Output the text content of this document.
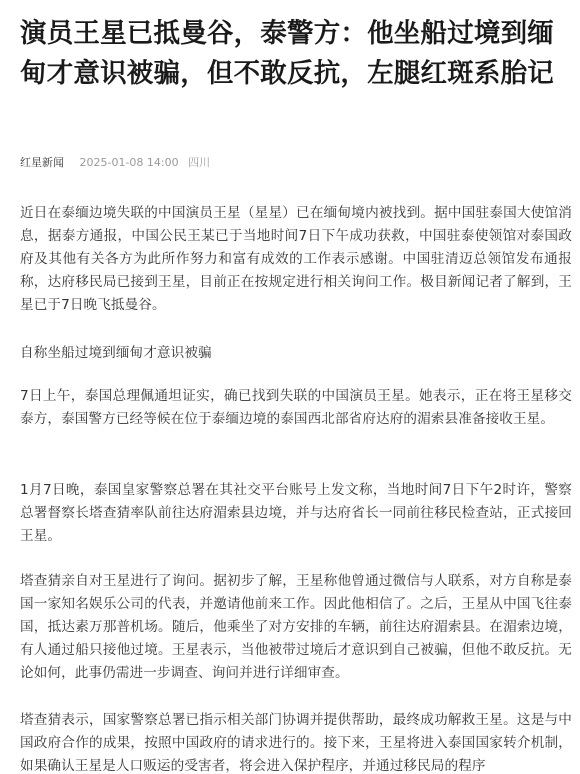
演员王星已抵曼谷，泰警方：他坐船过境到缅甸才意识被骗，但不敢反抗，左腿红斑系胎记
红星新闻 2025-01-08 14:00 四川

近日在泰缅边境失联的中国演员王星（星星）已在缅甸境内被找到。据中国驻泰国大使馆消息，据泰方通报，中国公民王某已于当地时间7日下午成功获救，中国驻泰使领馆对泰国政府及其他有关各方为此所作努力和富有成效的工作表示感谢。中国驻清迈总领馆发布通报称，达府移民局已接到王星，目前正在按规定进行相关询问工作。极目新闻记者了解到，王星已于7日晚飞抵曼谷。

自称坐船过境到缅甸才意识被骗

7日上午，泰国总理佩通坦证实，确已找到失联的中国演员王星。她表示，正在将王星移交泰方，泰国警方已经等候在位于泰缅边境的泰国西北部省府达府的湄索县准备接收王星。

1月7日晚，泰国皇家警察总署在其社交平台账号上发文称，当地时间7日下午2时许，警察总署督察长塔查猜率队前往达府湄索县边境，并与达府省长一同前往移民检查站，正式接回王星。

塔查猜亲自对王星进行了询问。据初步了解，王星称他曾通过微信与人联系，对方自称是泰国一家知名娱乐公司的代表，并邀请他前来工作。因此他相信了。之后，王星从中国飞往泰国，抵达素万那普机场。随后，他乘坐了对方安排的车辆，前往达府湄索县。在湄索边境，有人通过船只接他过境。王星表示，当他被带过境后才意识到自己被骗，但他不敢反抗。无论如何，此事仍需进一步调查、询问并进行详细审查。

塔查猜表示，国家警察总署已指示相关部门协调并提供帮助，最终成功解救王星。这是与中国政府合作的成果，按照中国政府的请求进行的。接下来，王星将进入泰国国家转介机制，如果确认王星是人口贩运的受害者，将会进入保护程序，并通过移民局的程序
